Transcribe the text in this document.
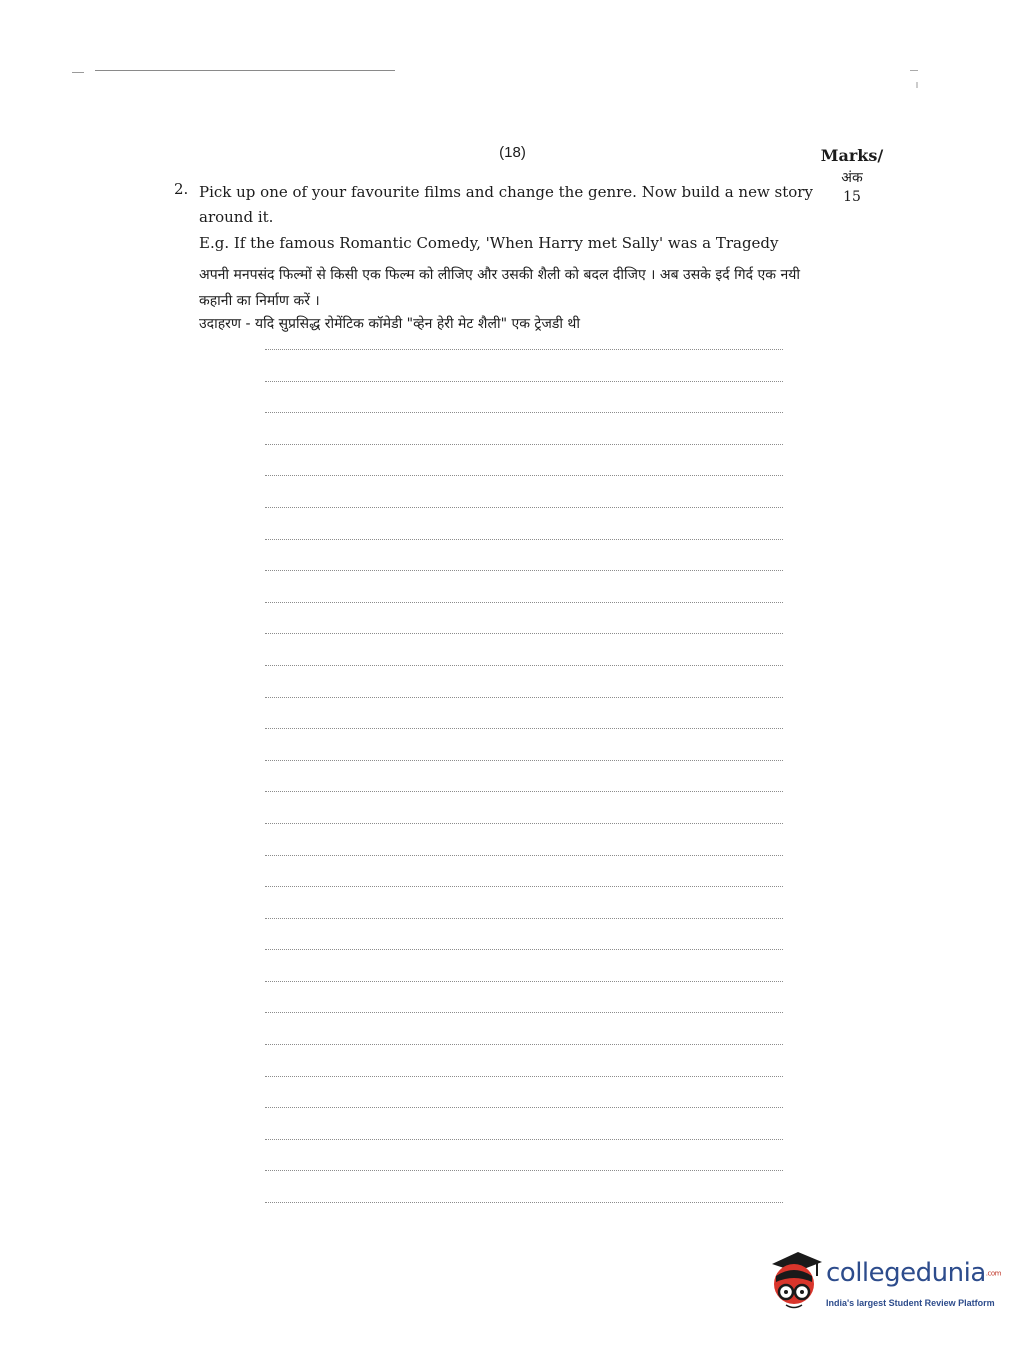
(18)	Marks/
अंक
15
2. Pick up one of your favourite films and change the genre. Now build a new story around it.
E.g. If the famous Romantic Comedy, 'When Harry met Sally' was a Tragedy
अपनी मनपसंद फिल्मों से किसी एक फिल्म को लीजिए और उसकी शैली को बदल दीजिए । अब उसके इर्द गिर्द एक नयी कहानी का निर्माण करें ।
उदाहरण - यदि सुप्रसिद्ध रोमेंटिक कॉमेडी "व्हेन हेरी मेट शैली" एक ट्रेजडी थी
collegedunia.com
India's largest Student Review Platform
